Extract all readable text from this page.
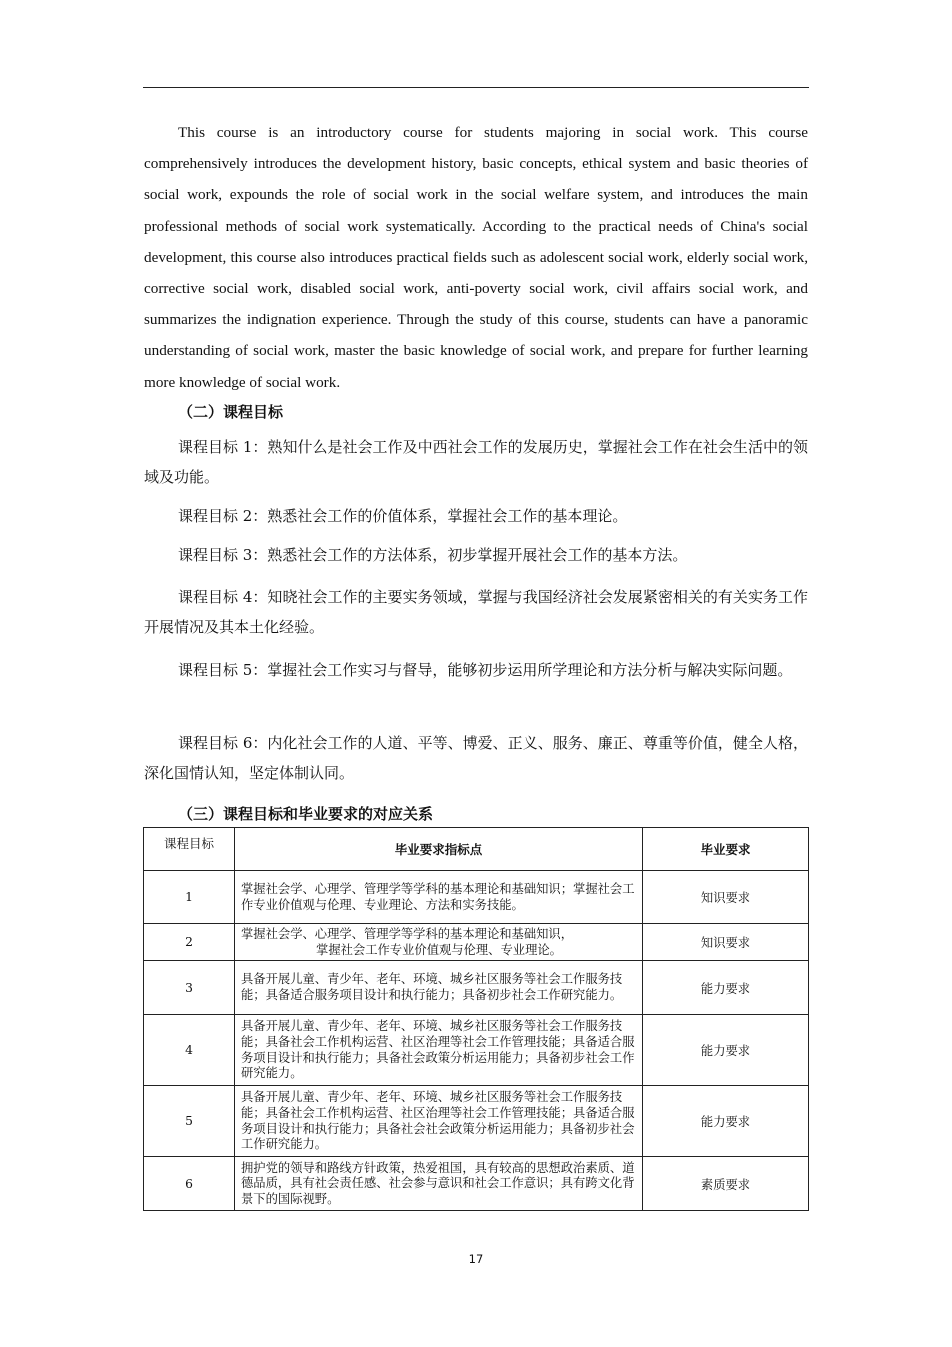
This course is an introductory course for students majoring in social work. This course comprehensively introduces the development history, basic concepts, ethical system and basic theories of social work, expounds the role of social work in the social welfare system, and introduces the main professional methods of social work systematically. According to the practical needs of China's social development, this course also introduces practical fields such as adolescent social work, elderly social work, corrective social work, disabled social work, anti-poverty social work, civil affairs social work, and summarizes the indignation experience. Through the study of this course, students can have a panoramic understanding of social work, master the basic knowledge of social work, and prepare for further learning more knowledge of social work.

（二）课程目标

课程目标 1：熟知什么是社会工作及中西社会工作的发展历史，掌握社会工作在社会生活中的领域及功能。

课程目标 2：熟悉社会工作的价值体系，掌握社会工作的基本理论。

课程目标 3：熟悉社会工作的方法体系，初步掌握开展社会工作的基本方法。

课程目标 4：知晓社会工作的主要实务领域，掌握与我国经济社会发展紧密相关的有关实务工作开展情况及其本土化经验。

课程目标 5：掌握社会工作实习与督导，能够初步运用所学理论和方法分析与解决实际问题。

课程目标 6：内化社会工作的人道、平等、博爱、正义、服务、廉正、尊重等价值，健全人格，深化国情认知，坚定体制认同。

（三）课程目标和毕业要求的对应关系

课程目标	毕业要求指标点	毕业要求
1	掌握社会学、心理学、管理学等学科的基本理论和基础知识；掌握社会工作专业价值观与伦理、专业理论、方法和实务技能。	知识要求
2	掌握社会学、心理学、管理学等学科的基本理论和基础知识，
掌握社会工作专业价值观与伦理、专业理论。	知识要求
3	具备开展儿童、青少年、老年、环境、城乡社区服务等社会工作服务技能；具备适合服务项目设计和执行能力；具备初步社会工作研究能力。	能力要求
4	具备开展儿童、青少年、老年、环境、城乡社区服务等社会工作服务技能；具备社会工作机构运营、社区治理等社会工作管理技能；具备适合服务项目设计和执行能力；具备社会政策分析运用能力；具备初步社会工作研究能力。	能力要求
5	具备开展儿童、青少年、老年、环境、城乡社区服务等社会工作服务技能；具备社会工作机构运营、社区治理等社会工作管理技能；具备适合服务项目设计和执行能力；具备社会社会政策分析运用能力；具备初步社会工作研究能力。	能力要求
6	拥护党的领导和路线方针政策，热爱祖国，具有较高的思想政治素质、道德品质，具有社会责任感、社会参与意识和社会工作意识；具有跨文化背景下的国际视野。	素质要求
17
